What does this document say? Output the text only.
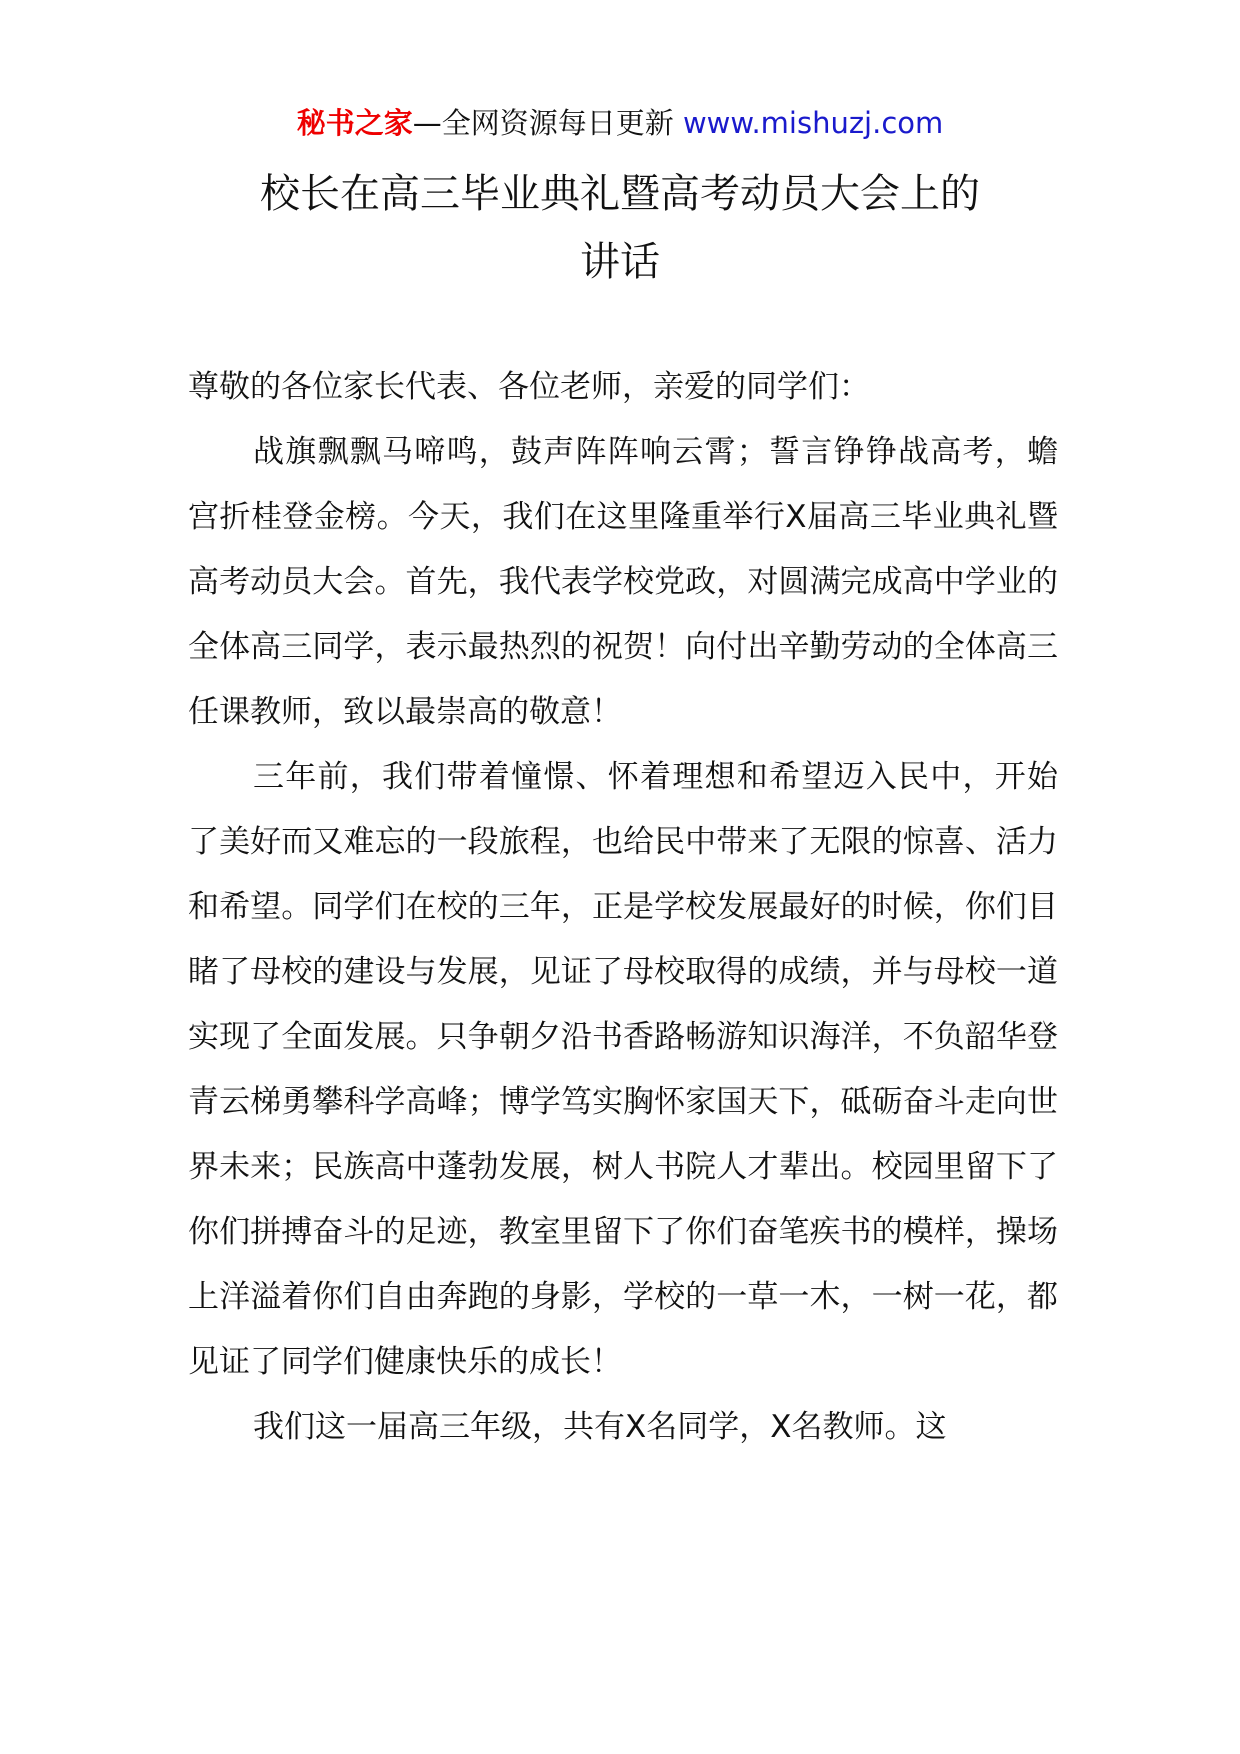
秘书之家—全网资源每日更新 www.mishuzj.com
校长在高三毕业典礼暨高考动员大会上的
讲话

尊敬的各位家长代表、各位老师，亲爱的同学们：

战旗飘飘马啼鸣，鼓声阵阵响云霄；誓言铮铮战高考，蟾宫折桂登金榜。今天，我们在这里隆重举行X届高三毕业典礼暨高考动员大会。首先，我代表学校党政，对圆满完成高中学业的全体高三同学，表示最热烈的祝贺！向付出辛勤劳动的全体高三任课教师，致以最崇高的敬意！

三年前，我们带着憧憬、怀着理想和希望迈入民中，开始了美好而又难忘的一段旅程，也给民中带来了无限的惊喜、活力和希望。同学们在校的三年，正是学校发展最好的时候，你们目睹了母校的建设与发展，见证了母校取得的成绩，并与母校一道实现了全面发展。只争朝夕沿书香路畅游知识海洋，不负韶华登青云梯勇攀科学高峰；博学笃实胸怀家国天下，砥砺奋斗走向世界未来；民族高中蓬勃发展，树人书院人才辈出。校园里留下了你们拼搏奋斗的足迹，教室里留下了你们奋笔疾书的模样，操场上洋溢着你们自由奔跑的身影，学校的一草一木，一树一花，都见证了同学们健康快乐的成长！

我们这一届高三年级，共有X名同学，X名教师。这
